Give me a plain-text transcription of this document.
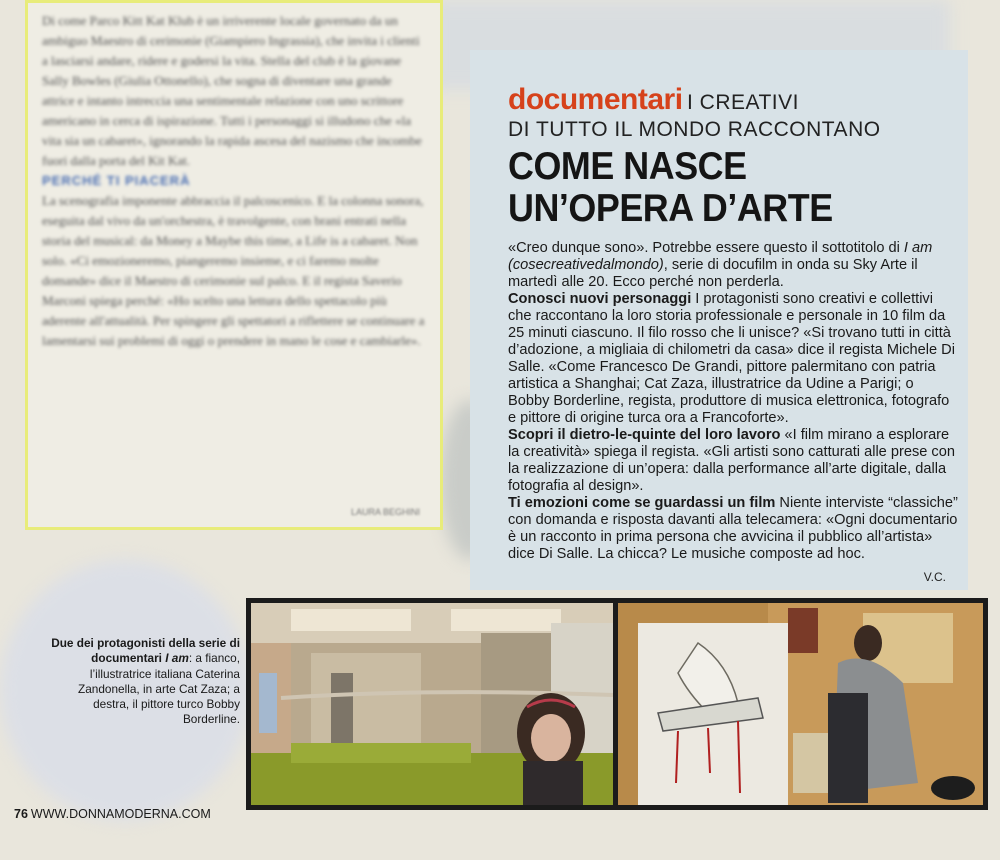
Di come Parco Kitt Kat Klub è un irriverente locale governato da un ambiguo Maestro di cerimonie (Giampiero Ingrassia), che invita i clienti a lasciarsi andare, ridere e godersi la vita. Stella del club è la giovane Sally Bowles (Giulia Ottonello), che sogna di diventare una grande attrice e intanto intreccia una sentimentale relazione con uno scrittore americano in cerca di ispirazione. Tutti i personaggi si illudono che «la vita sia un cabaret», ignorando la rapida ascesa del nazismo che incombe fuori dalla porta del Kit Kat.

PERCHÉ TI PIACERÀ

La scenografia imponente abbraccia il palcoscenico. E la colonna sonora, eseguita dal vivo da un'orchestra, è travolgente, con brani entrati nella storia del musical: da Money a Maybe this time, a Life is a cabaret. Non solo. «Ci emozioneremo, piangeremo insieme, e ci faremo molte domande» dice il Maestro di cerimonie sul palco. E il regista Saverio Marconi spiega perché: «Ho scelto una lettura dello spettacolo più aderente all'attualità. Per spingere gli spettatori a riflettere se continuare a lamentarsi sui problemi di oggi o prendere in mano le cose e cambiarle».

LAURA BEGHINI
documentari I CREATIVI
DI TUTTO IL MONDO RACCONTANO
COME NASCE
UN’OPERA D’ARTE

«Creo dunque sono». Potrebbe essere questo il sottotitolo di I am (cosecreativedalmondo), serie di docufilm in onda su Sky Arte il martedì alle 20. Ecco perché non perderla.

Conosci nuovi personaggi I protagonisti sono creativi e collettivi che raccontano la loro storia professionale e personale in 10 film da 25 minuti ciascuno. Il filo rosso che li unisce? «Si trovano tutti in città d’adozione, a migliaia di chilometri da casa» dice il regista Michele Di Salle. «Come Francesco De Grandi, pittore palermitano con patria artistica a Shanghai; Cat Zaza, illustratrice da Udine a Parigi; o Bobby Borderline, regista, produttore di musica elettronica, fotografo e pittore di origine turca ora a Francoforte».

Scopri il dietro-le-quinte del loro lavoro «I film mirano a esplorare la creatività» spiega il regista. «Gli artisti sono catturati alle prese con la realizzazione di un’opera: dalla performance all’arte digitale, dalla fotografia al design».

Ti emozioni come se guardassi un film Niente interviste “classiche” con domanda e risposta davanti alla telecamera: «Ogni documentario è un racconto in prima persona che avvicina il pubblico all’artista» dice Di Salle. La chicca? Le musiche composte ad hoc.

V.C.
Due dei protagonisti della serie di documentari I am: a fianco, l’illustratrice italiana Caterina Zandonella, in arte Cat Zaza; a destra, il pittore turco Bobby Borderline.
76 WWW.DONNAMODERNA.COM
